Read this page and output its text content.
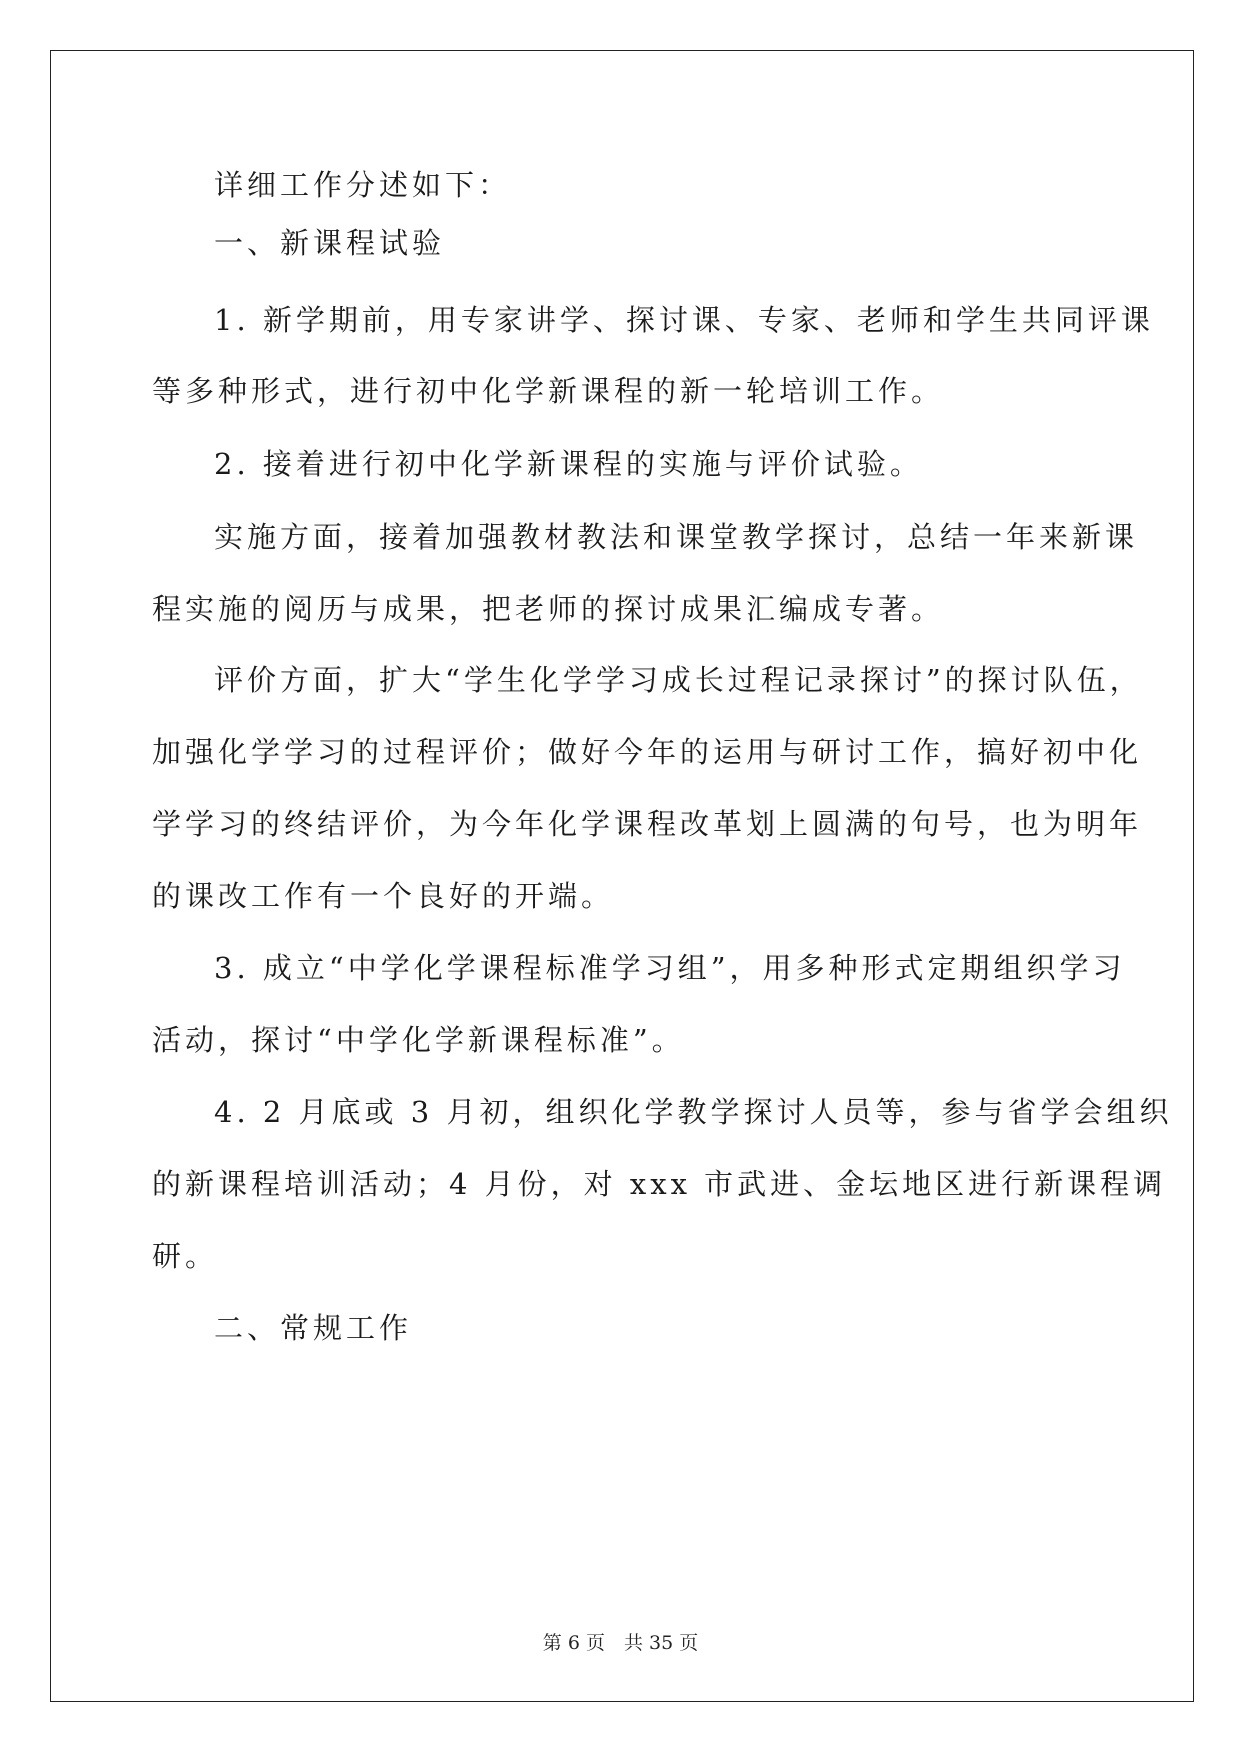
详细工作分述如下：
一、新课程试验
1. 新学期前，用专家讲学、探讨课、专家、老师和学生共同评课
等多种形式，进行初中化学新课程的新一轮培训工作。
2. 接着进行初中化学新课程的实施与评价试验。
实施方面，接着加强教材教法和课堂教学探讨，总结一年来新课
程实施的阅历与成果，把老师的探讨成果汇编成专著。
评价方面，扩大“学生化学学习成长过程记录探讨”的探讨队伍，
加强化学学习的过程评价；做好今年的运用与研讨工作，搞好初中化
学学习的终结评价，为今年化学课程改革划上圆满的句号，也为明年
的课改工作有一个良好的开端。
3. 成立“中学化学课程标准学习组”，用多种形式定期组织学习
活动，探讨“中学化学新课程标准”。
4. 2 月底或 3 月初，组织化学教学探讨人员等，参与省学会组织
的新课程培训活动；4 月份，对 xxx 市武进、金坛地区进行新课程调
研。
二、常规工作
第 6 页　共 35 页
